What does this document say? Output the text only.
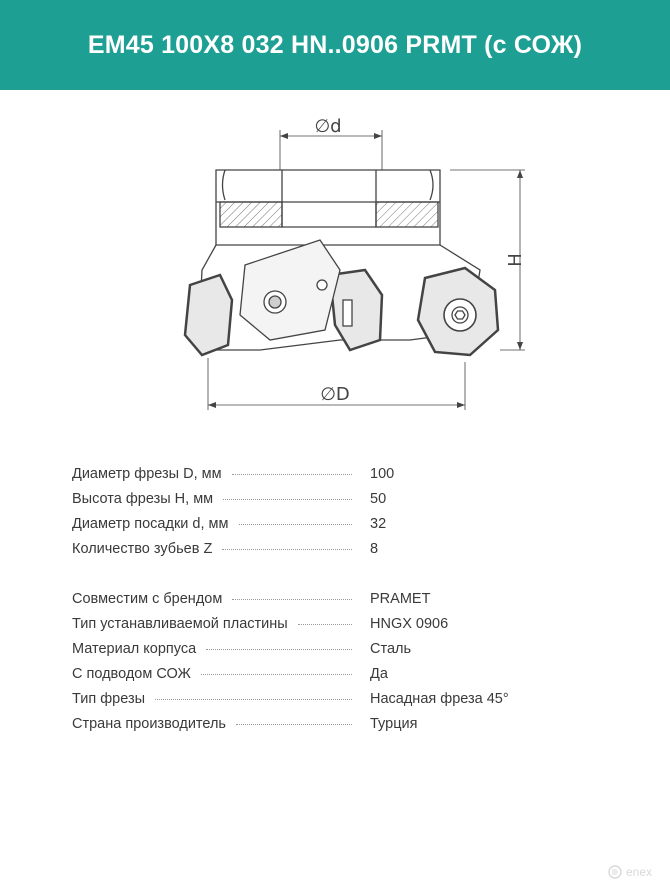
EM45 100X8 032 HN..0906 PRMT (с СОЖ)
∅d
∅D
H
Диаметр фрезы D, мм	100
Высота фрезы H, мм	50
Диаметр посадки d, мм	32
Количество зубьев Z	8
Совместим с брендом	PRAMET
Тип устанавливаемой пластины	HNGX 0906
Материал корпуса	Сталь
С подводом СОЖ	Да
Тип фрезы	Насадная фреза 45°
Страна производитель	Турция
enex
